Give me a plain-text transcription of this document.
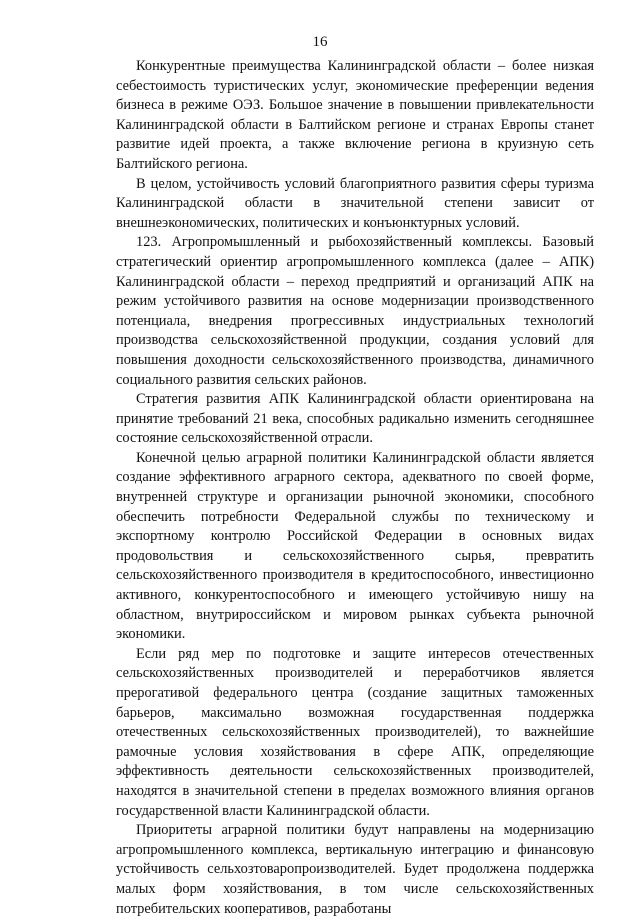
16

Конкурентные преимущества Калининградской области – более низкая себестоимость туристических услуг, экономические преференции ведения бизнеса в режиме ОЭЗ. Большое значение в повышении привлекательности Калининградской области в Балтийском регионе и странах Европы станет развитие идей проекта, а также включение региона в круизную сеть Балтийского региона.

В целом, устойчивость условий благоприятного развития сферы туризма Калининградской области в значительной степени зависит от внешнеэкономических, политических и конъюнктурных условий.

123. Агропромышленный и рыбохозяйственный комплексы. Базовый стратегический ориентир агропромышленного комплекса (далее – АПК) Калининградской области – переход предприятий и организаций АПК на режим устойчивого развития на основе модернизации производственного потенциала, внедрения прогрессивных индустриальных технологий производства сельскохозяйственной продукции, создания условий для повышения доходности сельскохозяйственного производства, динамичного социального развития сельских районов.

Стратегия развития АПК Калининградской области ориентирована на принятие требований 21 века, способных радикально изменить сегодняшнее состояние сельскохозяйственной отрасли.

Конечной целью аграрной политики Калининградской области является создание эффективного аграрного сектора, адекватного по своей форме, внутренней структуре и организации рыночной экономики, способного обеспечить потребности Федеральной службы по техническому и экспортному контролю Российской Федерации в основных видах продовольствия и сельскохозяйственного сырья, превратить сельскохозяйственного производителя в кредитоспособного, инвестиционно активного, конкурентоспособного и имеющего устойчивую нишу на областном, внутрироссийском и мировом рынках субъекта рыночной экономики.

Если ряд мер по подготовке и защите интересов отечественных сельскохозяйственных производителей и переработчиков является прерогативой федерального центра (создание защитных таможенных барьеров, максимально возможная государственная поддержка отечественных сельскохозяйственных производителей), то важнейшие рамочные условия хозяйствования в сфере АПК, определяющие эффективность деятельности сельскохозяйственных производителей, находятся в значительной степени в пределах возможного влияния органов государственной власти Калининградской области.

Приоритеты аграрной политики будут направлены на модернизацию агропромышленного комплекса, вертикальную интеграцию и финансовую устойчивость сельхозтоваропроизводителей. Будет продолжена поддержка малых форм хозяйствования, в том числе сельскохозяйственных потребительских кооперативов, разработаны
